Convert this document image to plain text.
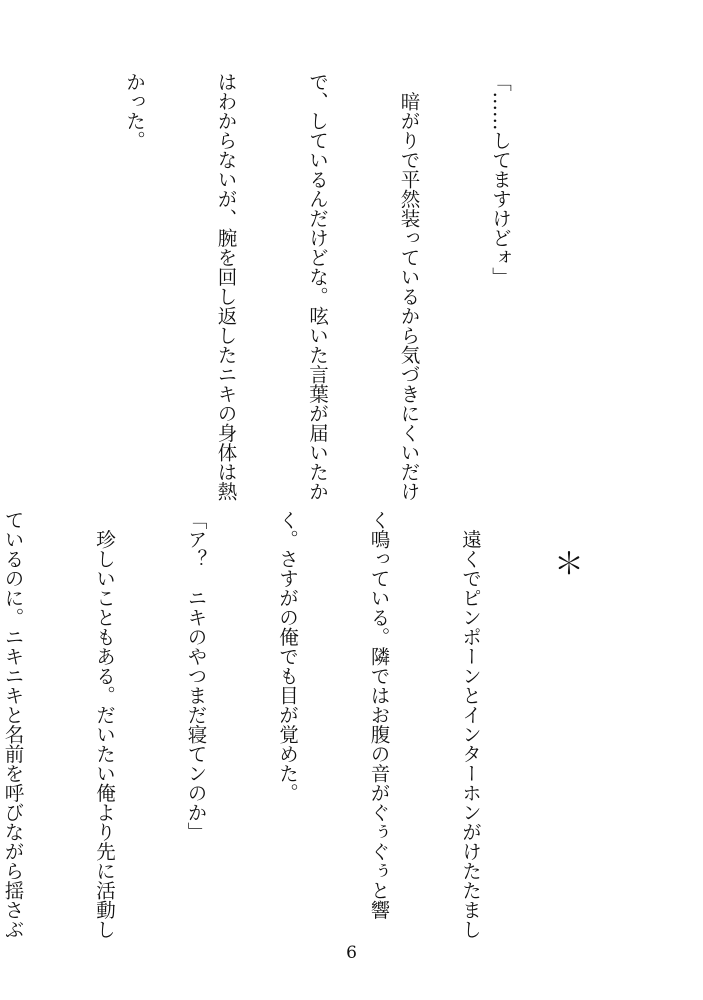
「……してますけどォ」

　暗がりで平然装っているから気づきにくいだけ

で、しているんだけどな。呟いた言葉が届いたか

はわからないが、腕を回し返したニキの身体は熱

かった。

＊

　遠くでピンポーンとインターホンがけたたまし

く鳴っている。隣ではお腹の音がぐぅぐぅと響

く。さすがの俺でも目が覚めた。

「ア？　ニキのやつまだ寝てンのか」

　珍しいこともある。だいたい俺より先に活動し

ているのに。ニキニキと名前を呼びながら揺さぶ

6
